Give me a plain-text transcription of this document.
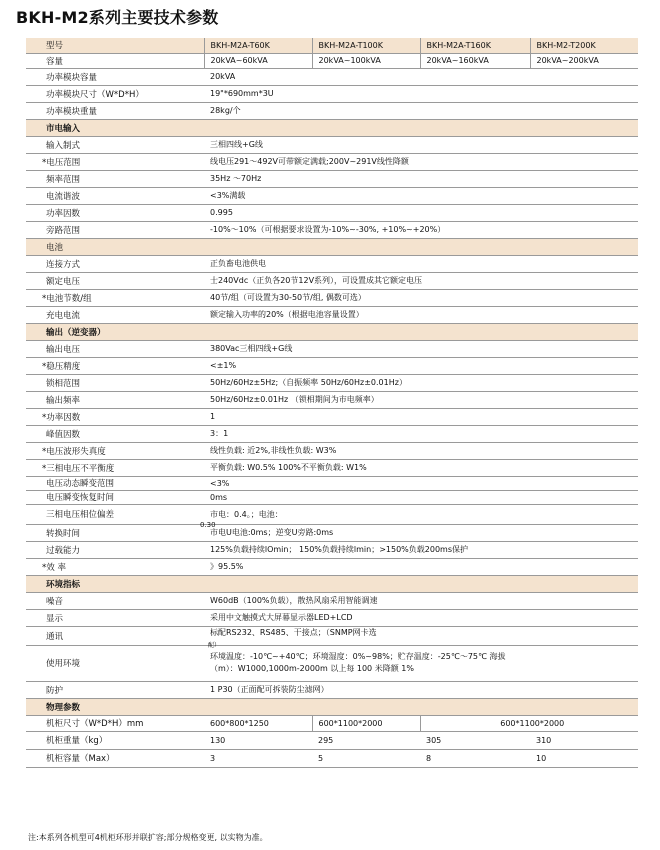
BKH-M2系列主要技术参数
型号	BKH-M2A-T60K	BKH-M2A-T100K	BKH-M2A-T160K	BKH-M2-T200K
容量	20kVA~60kVA	20kVA~100kVA	20kVA~160kVA	20kVA~200kVA
功率模块容量	20kVA			
功率模块尺寸（W*D*H）	19"*690mm*3U			
功率模块重量	28kg/个			
市电输入				
输入制式	三相四线+G线			
*电压范围	线电压291～492V可带额定满载;200V~291V线性降额			
频率范围	35Hz ～70Hz			
电流谐波	<3%满载			
功率因数	0.995			
旁路范围	-10%～10%（可根据要求设置为-10%~-30%, +10%~+20%）			
电池				
连接方式	正负畜电池供电			
额定电压	士240Vdc（正负各20节12V系列），可设置成其它额定电压			
*电池节数/组	40节/组（可设置为30-50节/组, 偶数可选）			
充电电流	额定输入功率的20%（根据电池容量设置）			
输出（逆变器）				
输出电压	380Vac三相四线+G线			
*稳压精度	<±1%			
锁相范围	50Hz/60Hz±5Hz;（自振频率 50Hz/60Hz±0.01Hz）			
输出频率	50Hz/60Hz±0.01Hz （锁相期间为市电频率）			
*功率因数	1			
峰值因数	3：1			
*电压波形失真度	线性负载: 近2%,非线性负载: W3%			
*三相电压不平衡度	平衡负载: W0.5% 100%不平衡负载: W1%			
电压动态瞬变范围	<3%			
电压瞬变恢复时间	0ms			
三相电压相位偏差	市电：0.4。；电池：
0.30			

转换时间	市电U电池:0ms；逆变U旁路:0ms			
过载能力	125%负载持续lOmin； 150%负载持续lmin；>150%负载200ms保护			
*效 率	》95.5%			
环境指标				
噪音	W60dB（100%负载），散热风扇采用智能调速			
显示	采用中文触摸式大屏幕显示器LED+LCD			
通讯	标配RS232、RS485、干接点；（SNMP网卡选
配）			

使用环境	环境温度：-10℃~+40℃；环境湿度：0%~98%；贮存温度：-25℃～75℃ 海拔
（m）：W1000,1000m-2000m 以上每 100 米降额 1%			

防护	1 P30（正面配可拆装防尘滤网）			
物理参数				
机柜尺寸（W*D*H）mm	600*800*1250	600*1100*2000	600*1100*2000	
机柜重量（kg）	130	295	305	310
机柜容量（Max）	3	5	8	10
注:本系列各机型可4机柜环形并联扩容;部分规格变更, 以实物为准。
